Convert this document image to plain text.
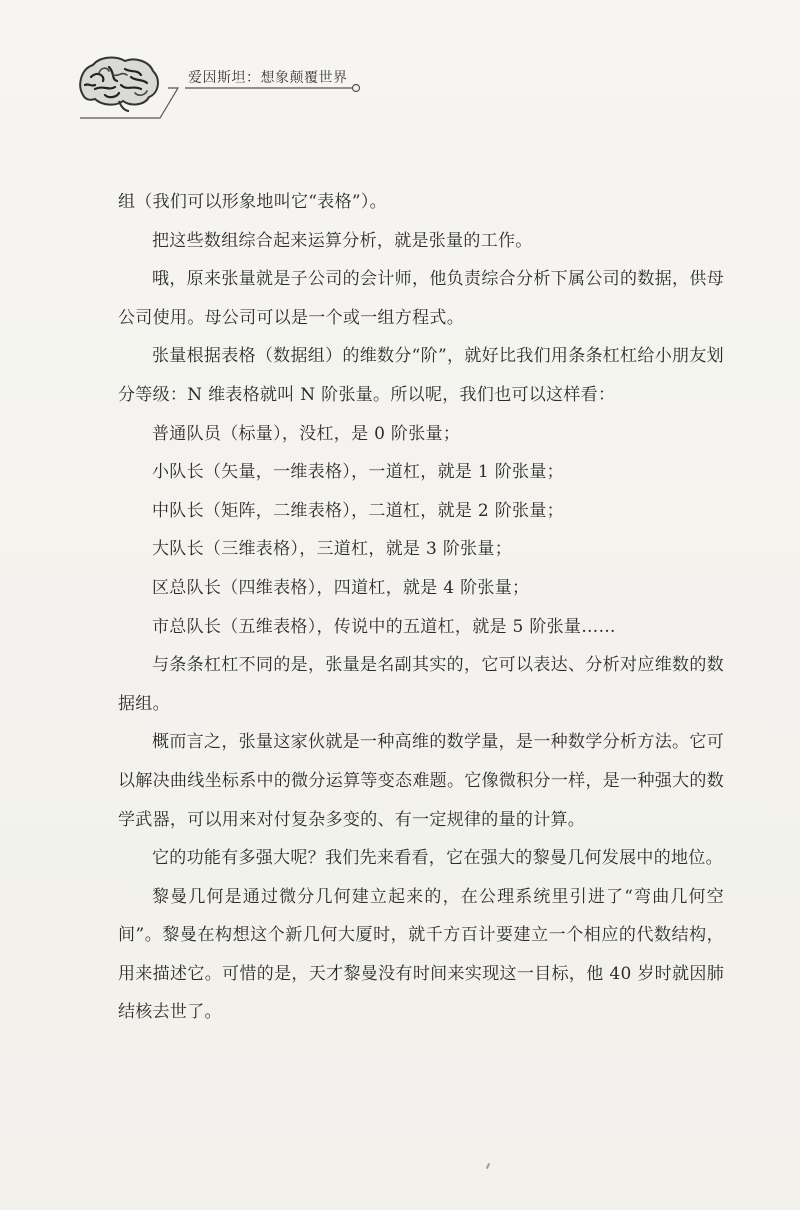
爱因斯坦：想象颠覆世界

组（我们可以形象地叫它“表格”）。

把这些数组综合起来运算分析，就是张量的工作。

哦，原来张量就是子公司的会计师，他负责综合分析下属公司的数据，供母公司使用。母公司可以是一个或一组方程式。

张量根据表格（数据组）的维数分“阶”，就好比我们用条条杠杠给小朋友划分等级：N 维表格就叫 N 阶张量。所以呢，我们也可以这样看：

普通队员（标量），没杠，是 0 阶张量；

小队长（矢量，一维表格），一道杠，就是 1 阶张量；

中队长（矩阵，二维表格），二道杠，就是 2 阶张量；

大队长（三维表格），三道杠，就是 3 阶张量；

区总队长（四维表格），四道杠，就是 4 阶张量；

市总队长（五维表格），传说中的五道杠，就是 5 阶张量……

与条条杠杠不同的是，张量是名副其实的，它可以表达、分析对应维数的数据组。

概而言之，张量这家伙就是一种高维的数学量，是一种数学分析方法。它可以解决曲线坐标系中的微分运算等变态难题。它像微积分一样，是一种强大的数学武器，可以用来对付复杂多变的、有一定规律的量的计算。

它的功能有多强大呢？我们先来看看，它在强大的黎曼几何发展中的地位。

黎曼几何是通过微分几何建立起来的，在公理系统里引进了“弯曲几何空间”。黎曼在构想这个新几何大厦时，就千方百计要建立一个相应的代数结构，用来描述它。可惜的是，天才黎曼没有时间来实现这一目标，他 40 岁时就因肺结核去世了。
